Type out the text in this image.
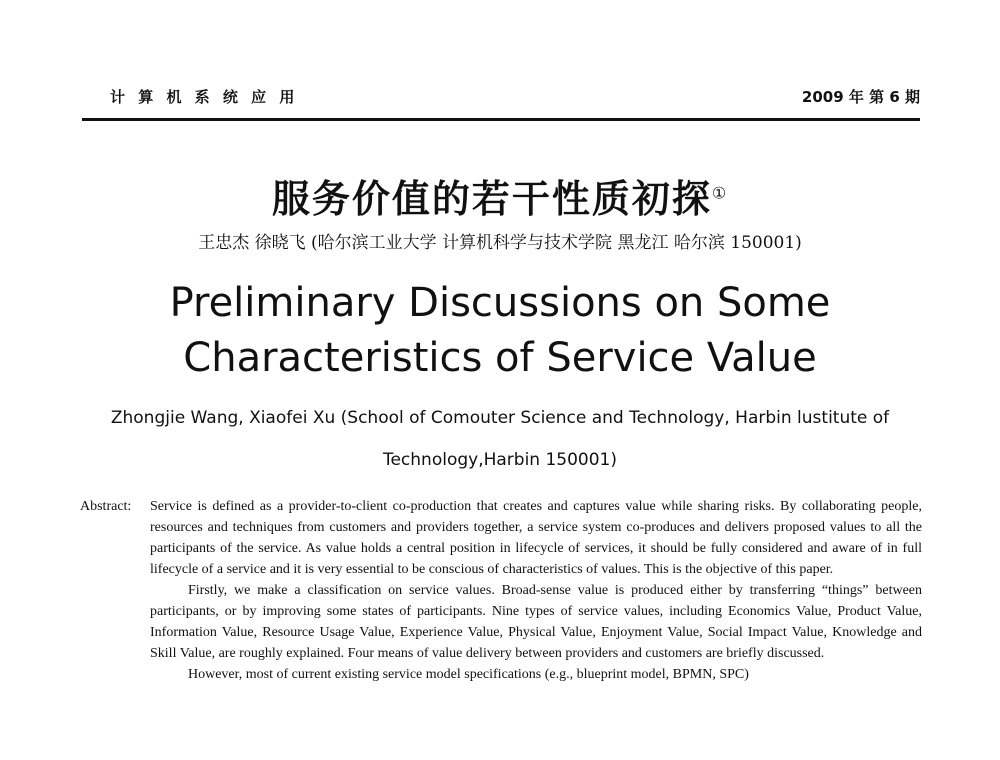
计 算 机 系 统 应 用	2009 年 第 6 期
服务价值的若干性质初探①
王忠杰 徐晓飞 (哈尔滨工业大学 计算机科学与技术学院 黑龙江 哈尔滨 150001)
Preliminary Discussions on Some
Characteristics of Service Value
Zhongjie Wang, Xiaofei Xu (School of Comouter Science and Technology, Harbin lustitute of
Technology,Harbin 150001)
Abstract: Service is defined as a provider-to-client co-production that creates and captures value while sharing risks. By collaborating people, resources and techniques from customers and providers together, a service system co-produces and delivers proposed values to all the participants of the service. As value holds a central position in lifecycle of services, it should be fully considered and aware of in full lifecycle of a service and it is very essential to be conscious of characteristics of values. This is the objective of this paper.

Firstly, we make a classification on service values. Broad-sense value is produced either by transferring “things” between participants, or by improving some states of participants. Nine types of service values, including Economics Value, Product Value, Information Value, Resource Usage Value, Experience Value, Physical Value, Enjoyment Value, Social Impact Value, Knowledge and Skill Value, are roughly explained. Four means of value delivery between providers and customers are briefly discussed.

However, most of current existing service model specifications (e.g., blueprint model, BPMN, SPC)
